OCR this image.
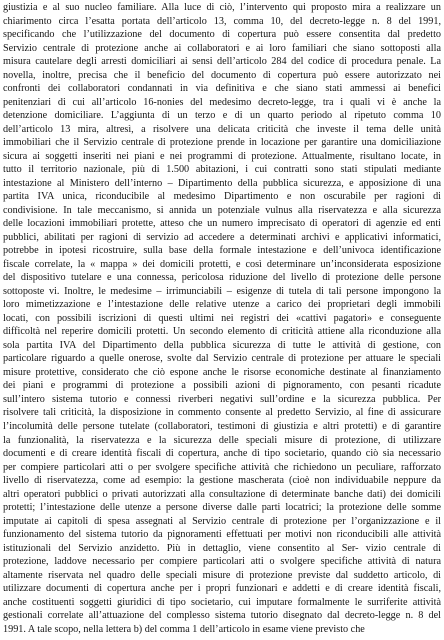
giustizia e al suo nucleo familiare. Alla luce di ciò, l’intervento qui proposto mira a realizzare un
chiarimento circa l’esatta portata dell’articolo 13, comma 10, del decreto-legge n. 8 del 1991,
specificando che l’utilizzazione del documento di copertura può essere consentita dal predetto
Servizio centrale di protezione anche ai collaboratori e ai loro familiari che siano sottoposti alla
misura cautelare degli arresti domiciliari ai sensi dell’articolo 284 del codice di procedura penale. La
novella, inoltre, precisa che il beneficio del documento di copertura può essere autorizzato nei
confronti dei collaboratori condannati in via definitiva e che siano stati ammessi ai benefici
penitenziari di cui all’articolo 16-nonies del medesimo decreto-legge, tra i quali vi è anche la
detenzione domiciliare. L’aggiunta di un terzo e di un quarto periodo al ripetuto comma 10
dell’articolo 13 mira, altresì, a risolvere una delicata criticità che investe il tema delle unità
immobiliari che il Servizio centrale di protezione prende in locazione per garantire una domiciliazione
sicura ai soggetti inseriti nei piani e nei programmi di protezione. Attualmente, risultano locate, in
tutto il territorio nazionale, più di 1.500 abitazioni, i cui contratti sono stati stipulati mediante
intestazione al Ministero dell’interno – Dipartimento della pubblica sicurezza, e apposizione di una
partita IVA unica, riconducibile al medesimo Dipartimento e non oscurabile per ragioni di
condivisione. In tale meccanismo, si annida un potenziale vulnus alla riservatezza e alla sicurezza
delle locazioni immobiliari protette, atteso che un numero imprecisato di operatori di agenzie ed enti
pubblici, abilitati per ragioni di servizio ad accedere a determinati archivi e applicativi informatici,
potrebbe in ipotesi ricostruire, sulla base della formale intestazione e dell’univoca identificazione
fiscale correlate, la « mappa » dei domicili protetti, e così determinare un’inconsiderata esposizione
del dispositivo tutelare e una connessa, pericolosa riduzione del livello di protezione delle persone
sottoposte vi. Inoltre, le medesime – irrimunciabili – esigenze di tutela di tali persone impongono la
loro mimetizzazione e l’intestazione delle relative utenze a carico dei proprietari degli immobili
locati, con possibili iscrizioni di questi ultimi nei registri dei «cattivi pagatori» e conseguente
difficoltà nel reperire domicili protetti. Un secondo elemento di criticità attiene alla riconduzione alla
sola partita IVA del Dipartimento della pubblica sicurezza di tutte le attività di gestione, con
particolare riguardo a quelle onerose, svolte dal Servizio centrale di protezione per attuare le speciali
misure protettive, considerato che ciò espone anche le risorse economiche destinate al finanziamento
dei piani e programmi di protezione a possibili azioni di pignoramento, con pesanti ricadute
sull’intero sistema tutorio e connessi riverberi negativi sull’ordine e la sicurezza pubblica. Per
risolvere tali criticità, la disposizione in commento consente al predetto Servizio, al fine di assicurare
l’incolumità delle persone tutelate (collaboratori, testimoni di giustizia e altri protetti) e di garantire
la funzionalità, la riservatezza e la sicurezza delle speciali misure di protezione, di utilizzare
documenti e di creare identità fiscali di copertura, anche di tipo societario, quando ciò sia necessario
per compiere particolari atti o per svolgere specifiche attività che richiedono un peculiare, rafforzato
livello di riservatezza, come ad esempio: la gestione mascherata (cioè non individuabile neppure da
altri operatori pubblici o privati autorizzati alla consultazione di determinate banche dati) dei domicili
protetti; l’intestazione delle utenze a persone diverse dalle parti locatrici; la protezione delle somme
imputate ai capitoli di spesa assegnati al Servizio centrale di protezione per l’organizzazione e il
funzionamento del sistema tutorio da pignoramenti effettuati per motivi non riconducibili alle attività
istituzionali del Servizio anzidetto. Più in dettaglio, viene consentito al Ser- vizio centrale di
protezione, laddove necessario per compiere particolari atti o svolgere specifiche attività di natura
altamente riservata nel quadro delle speciali misure di protezione previste dal suddetto articolo, di
utilizzare documenti di copertura anche per i propri funzionari e addetti e di creare identità fiscali,
anche costituenti soggetti giuridici di tipo societario, cui imputare formalmente le surriferite attività
gestionali correlate all’attuazione del complesso sistema tutorio disegnato dal decreto-legge n. 8 del
1991. A tale scopo, nella lettera b) del comma 1 dell’articolo in esame viene previsto che
